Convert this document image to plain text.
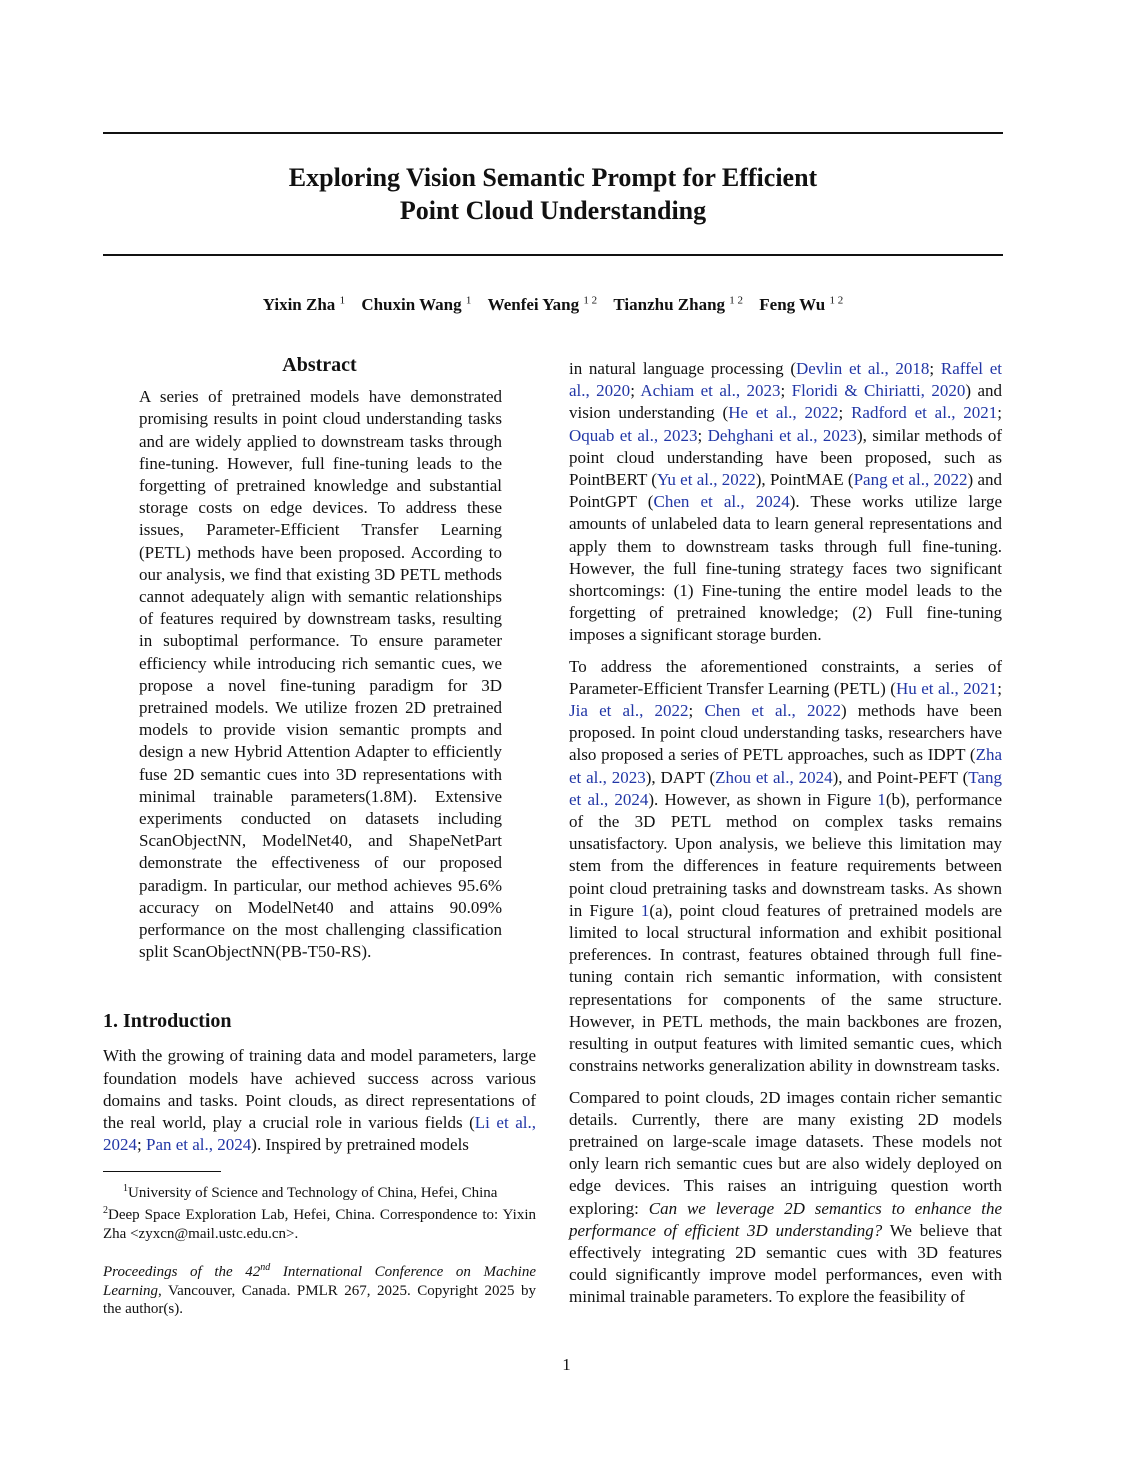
Exploring Vision Semantic Prompt for Efficient
Point Cloud Understanding
Yixin Zha $^1$ Chuxin Wang $^1$ Wenfei Yang $^{1 2}$ Tianzhu Zhang $^{1 2}$ Feng Wu $^{1 2}$
Abstract
A series of pretrained models have demonstrated promising results in point cloud understanding tasks and are widely applied to downstream tasks through fine-tuning. However, full fine-tuning leads to the forgetting of pretrained knowledge and substantial storage costs on edge devices. To address these issues, Parameter-Efficient Transfer Learning (PETL) methods have been proposed. According to our analysis, we find that existing 3D PETL methods cannot adequately align with semantic relationships of features required by downstream tasks, resulting in suboptimal performance. To ensure parameter efficiency while introducing rich semantic cues, we propose a novel fine-tuning paradigm for 3D pretrained models. We utilize frozen 2D pretrained models to provide vision semantic prompts and design a new Hybrid Attention Adapter to efficiently fuse 2D semantic cues into 3D representations with minimal trainable parameters(1.8M). Extensive experiments conducted on datasets including ScanObjectNN, ModelNet40, and ShapeNetPart demonstrate the effectiveness of our proposed paradigm. In particular, our method achieves 95.6% accuracy on ModelNet40 and attains 90.09% performance on the most challenging classification split ScanObjectNN(PB-T50-RS).
1. Introduction

With the growing of training data and model parameters, large foundation models have achieved success across various domains and tasks. Point clouds, as direct representations of the real world, play a crucial role in various fields (Li et al., 2024; Pan et al., 2024). Inspired by pretrained models

$^1$University of Science and Technology of China, Hefei, China
$^2$Deep Space Exploration Lab, Hefei, China. Correspondence to: Yixin Zha <zyxcn@mail.ustc.edu.cn>.
Proceedings of the 42nd International Conference on Machine Learning, Vancouver, Canada. PMLR 267, 2025. Copyright 2025 by the author(s).

in natural language processing (Devlin et al., 2018; Raffel et al., 2020; Achiam et al., 2023; Floridi & Chiriatti, 2020) and vision understanding (He et al., 2022; Radford et al., 2021; Oquab et al., 2023; Dehghani et al., 2023), similar methods of point cloud understanding have been proposed, such as PointBERT (Yu et al., 2022), PointMAE (Pang et al., 2022) and PointGPT (Chen et al., 2024). These works utilize large amounts of unlabeled data to learn general representations and apply them to downstream tasks through full fine-tuning. However, the full fine-tuning strategy faces two significant shortcomings: (1) Fine-tuning the entire model leads to the forgetting of pretrained knowledge; (2) Full fine-tuning imposes a significant storage burden.

To address the aforementioned constraints, a series of Parameter-Efficient Transfer Learning (PETL) (Hu et al., 2021; Jia et al., 2022; Chen et al., 2022) methods have been proposed. In point cloud understanding tasks, researchers have also proposed a series of PETL approaches, such as IDPT (Zha et al., 2023), DAPT (Zhou et al., 2024), and Point-PEFT (Tang et al., 2024). However, as shown in Figure 1(b), performance of the 3D PETL method on complex tasks remains unsatisfactory. Upon analysis, we believe this limitation may stem from the differences in feature requirements between point cloud pretraining tasks and downstream tasks. As shown in Figure 1(a), point cloud features of pretrained models are limited to local structural information and exhibit positional preferences. In contrast, features obtained through full fine-tuning contain rich semantic information, with consistent representations for components of the same structure. However, in PETL methods, the main backbones are frozen, resulting in output features with limited semantic cues, which constrains networks generalization ability in downstream tasks.

Compared to point clouds, 2D images contain richer semantic details. Currently, there are many existing 2D models pretrained on large-scale image datasets. These models not only learn rich semantic cues but are also widely deployed on edge devices. This raises an intriguing question worth exploring: Can we leverage 2D semantics to enhance the performance of efficient 3D understanding? We believe that effectively integrating 2D semantic cues with 3D features could significantly improve model performances, even with minimal trainable parameters. To explore the feasibility of

1
